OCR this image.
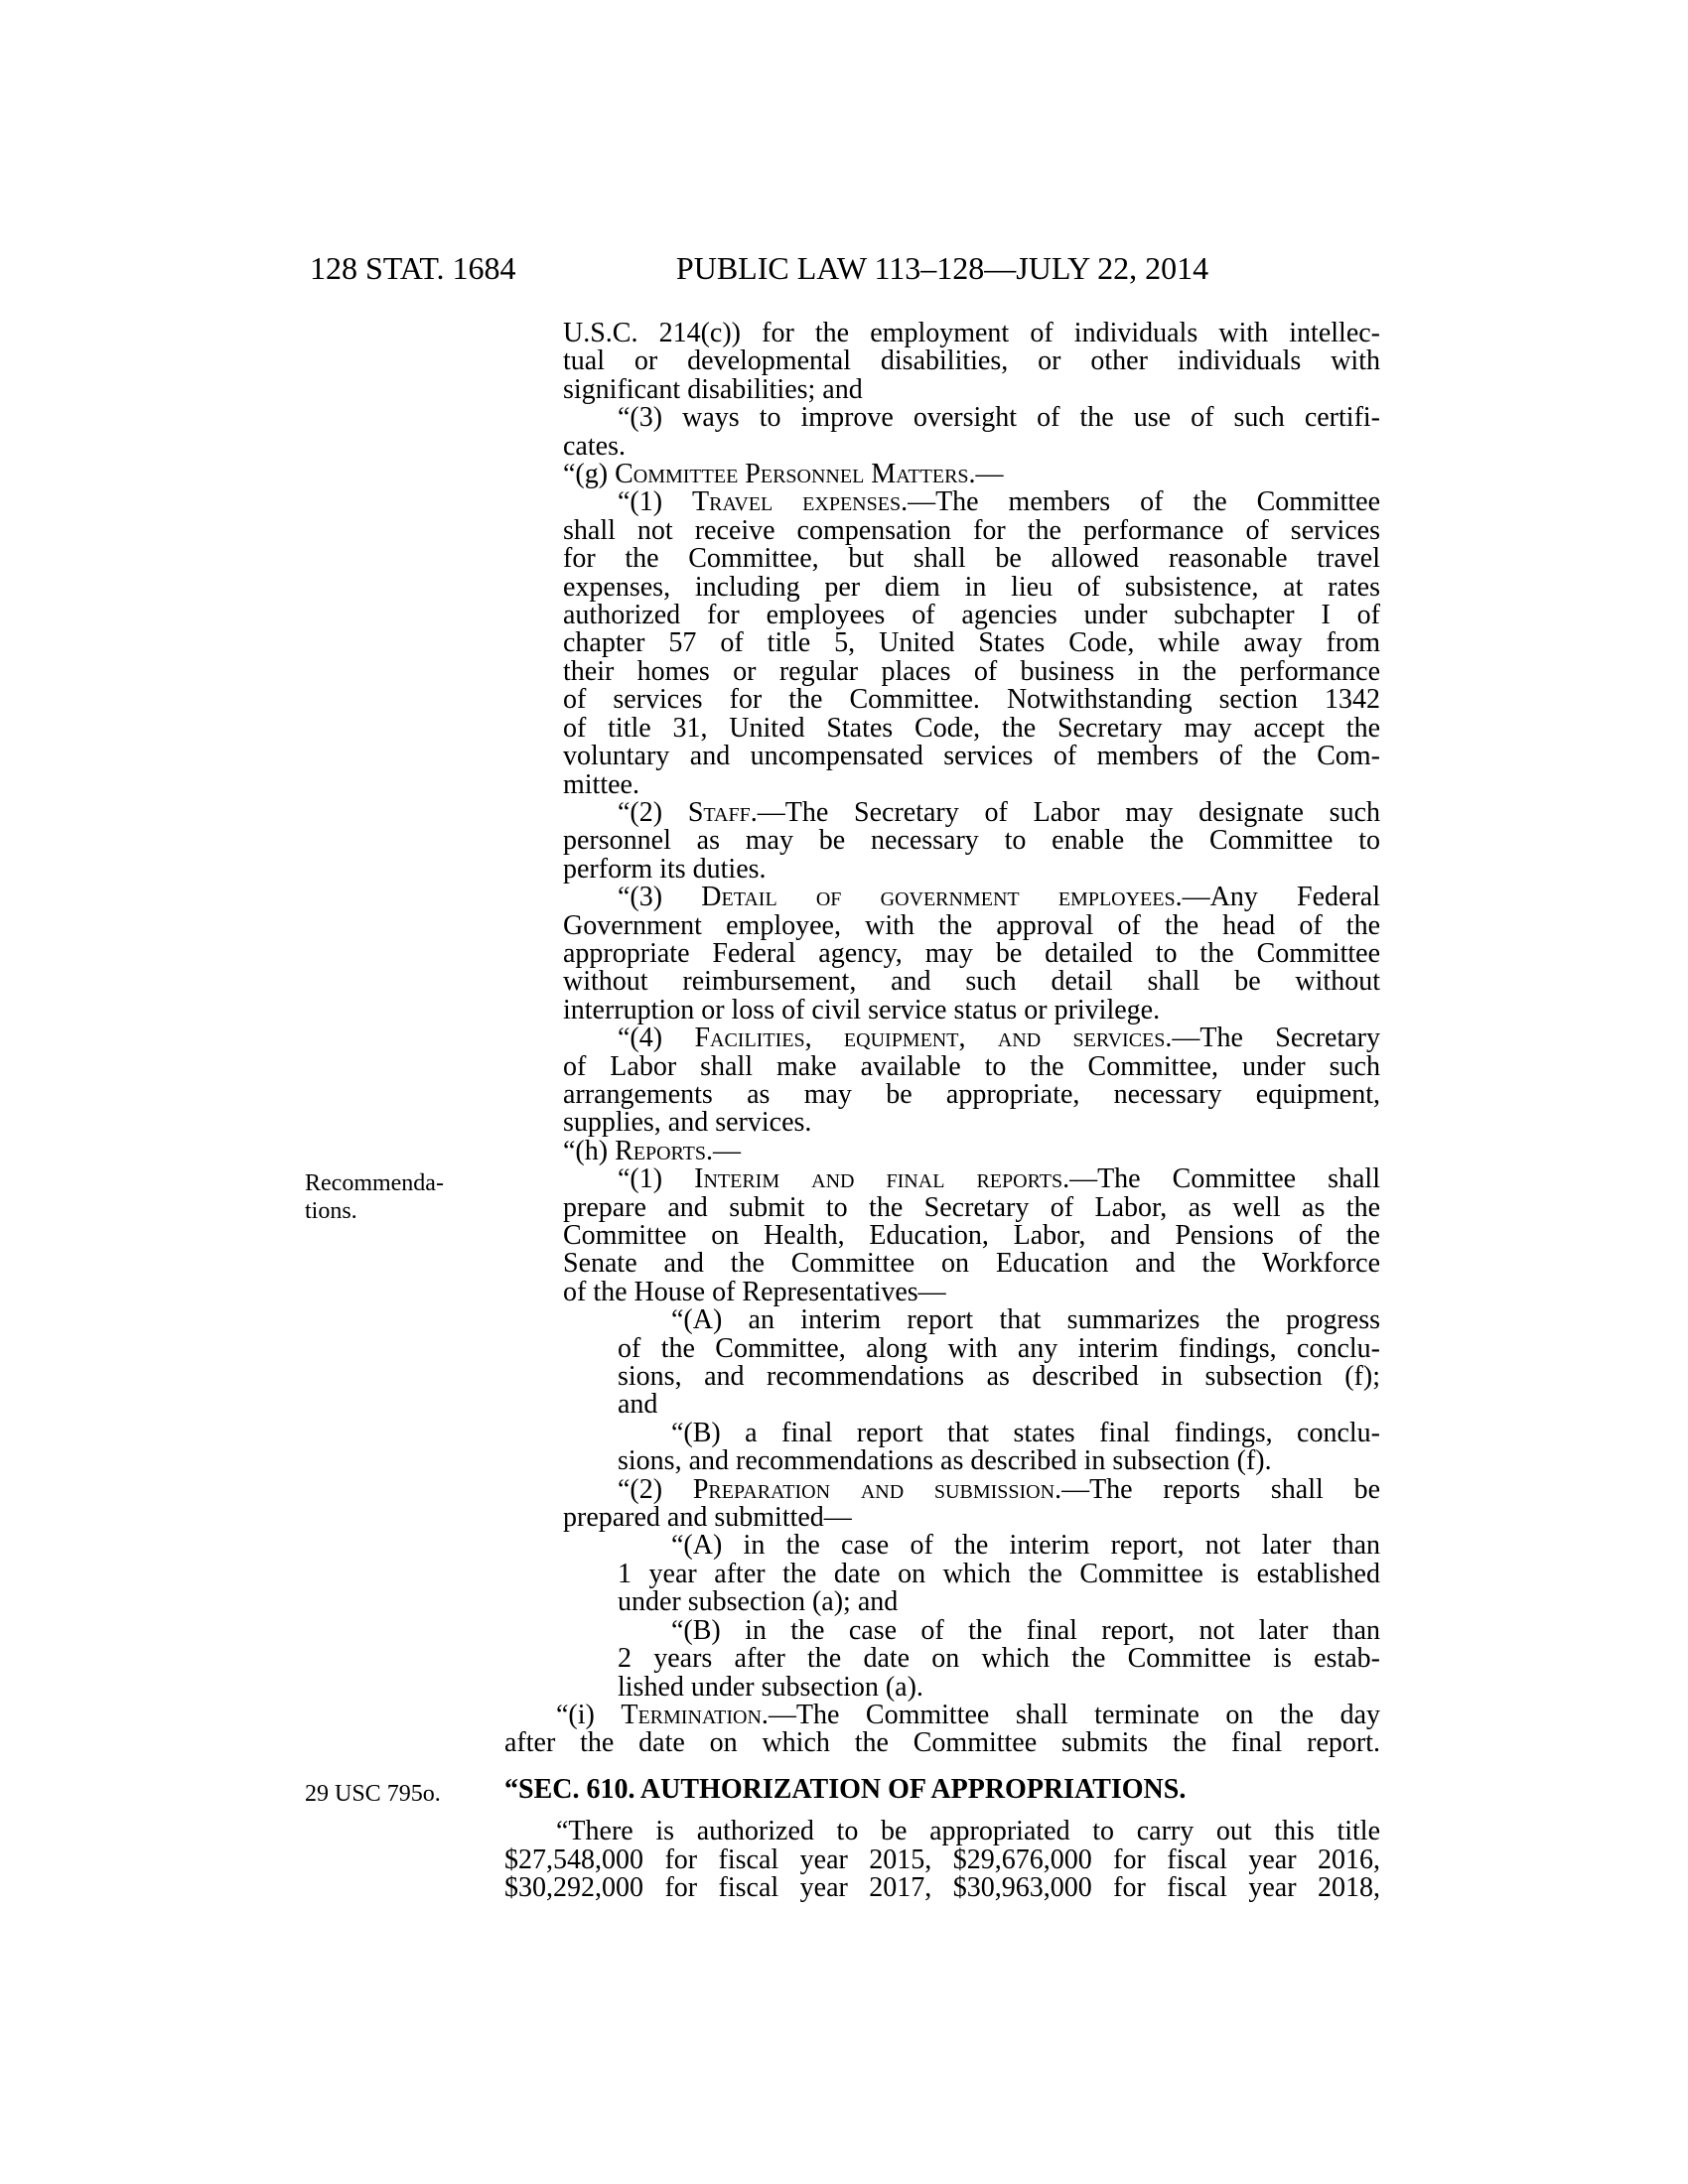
128 STAT. 1684	PUBLIC LAW 113–128—JULY 22, 2014
Recommenda-
tions.
29 USC 795o.
U.S.C. 214(c)) for the employment of individuals with intellec-
tual or developmental disabilities, or other individuals with
significant disabilities; and
“(3) ways to improve oversight of the use of such certifi-
cates.
“(g) Committee Personnel Matters.—
“(1) Travel expenses.—The members of the Committee
shall not receive compensation for the performance of services
for the Committee, but shall be allowed reasonable travel
expenses, including per diem in lieu of subsistence, at rates
authorized for employees of agencies under subchapter I of
chapter 57 of title 5, United States Code, while away from
their homes or regular places of business in the performance
of services for the Committee. Notwithstanding section 1342
of title 31, United States Code, the Secretary may accept the
voluntary and uncompensated services of members of the Com-
mittee.
“(2) Staff.—The Secretary of Labor may designate such
personnel as may be necessary to enable the Committee to
perform its duties.
“(3) Detail of government employees.—Any Federal
Government employee, with the approval of the head of the
appropriate Federal agency, may be detailed to the Committee
without reimbursement, and such detail shall be without
interruption or loss of civil service status or privilege.
“(4) Facilities, equipment, and services.—The Secretary
of Labor shall make available to the Committee, under such
arrangements as may be appropriate, necessary equipment,
supplies, and services.
“(h) Reports.—
“(1) Interim and final reports.—The Committee shall
prepare and submit to the Secretary of Labor, as well as the
Committee on Health, Education, Labor, and Pensions of the
Senate and the Committee on Education and the Workforce
of the House of Representatives—
“(A) an interim report that summarizes the progress
of the Committee, along with any interim findings, conclu-
sions, and recommendations as described in subsection (f);
and
“(B) a final report that states final findings, conclu-
sions, and recommendations as described in subsection (f).
“(2) Preparation and submission.—The reports shall be
prepared and submitted—
“(A) in the case of the interim report, not later than
1 year after the date on which the Committee is established
under subsection (a); and
“(B) in the case of the final report, not later than
2 years after the date on which the Committee is estab-
lished under subsection (a).
“(i) Termination.—The Committee shall terminate on the day
after the date on which the Committee submits the final report.
“SEC. 610. AUTHORIZATION OF APPROPRIATIONS.
“There is authorized to be appropriated to carry out this title
$27,548,000 for fiscal year 2015, $29,676,000 for fiscal year 2016,
$30,292,000 for fiscal year 2017, $30,963,000 for fiscal year 2018,
